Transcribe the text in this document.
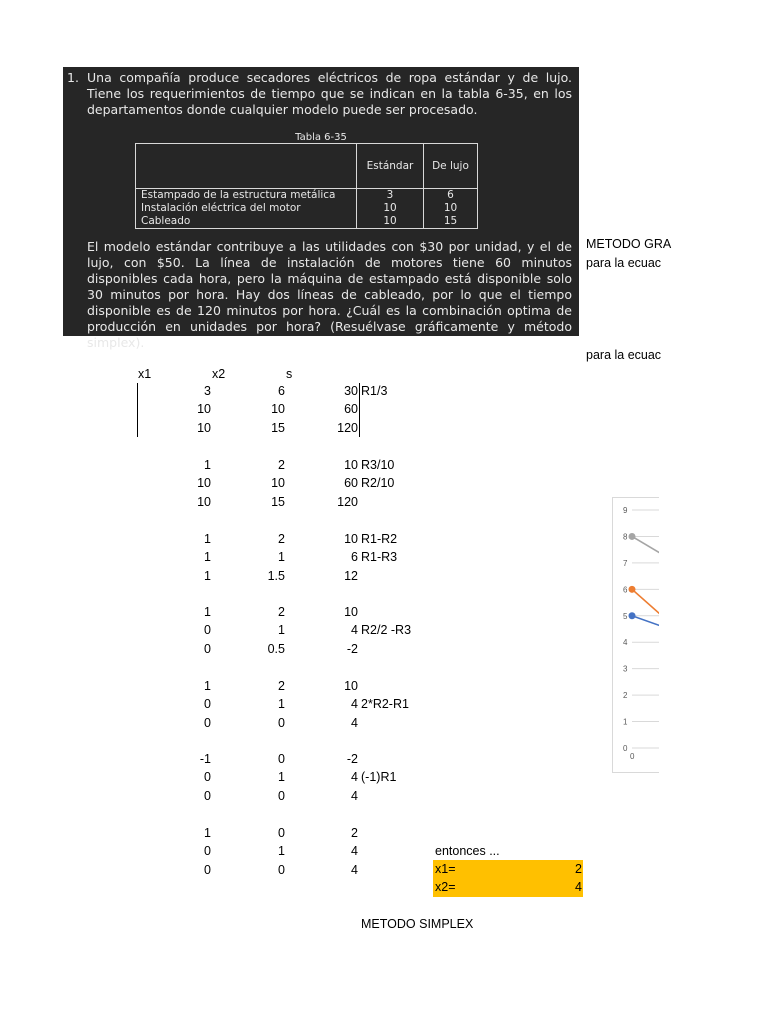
1. Una compañía produce secadores eléctricos de ropa estándar y de lujo. Tiene los requerimientos de tiempo que se indican en la tabla 6-35, en los departamentos donde cualquier modelo puede ser procesado.
Tabla 6-35
	Estándar	De lujo
Estampado de la estructura metálica	3	6
Instalación eléctrica del motor	10	10
Cableado	10	15
El modelo estándar contribuye a las utilidades con $30 por unidad, y el de lujo, con $50. La línea de instalación de motores tiene 60 minutos disponibles cada hora, pero la máquina de estampado está disponible solo 30 minutos por hora. Hay dos líneas de cableado, por lo que el tiempo disponible es de 120 minutos por hora. ¿Cuál es la combinación optima de producción en unidades por hora? (Resuélvase gráficamente y método simplex).
METODO GRA
para la ecuac
para la ecuac
x1	x2	s
3	6	30 R1/3
10	10	60
10	15	120
1	2	10 R3/10
10	10	60 R2/10
10	15	120
1	2	10 R1-R2
1	1	6 R1-R3
1	1.5	12
1	2	10
0	1	4 R2/2 -R3
0	0.5	-2
1	2	10
0	1	4 2*R2-R1
0	0	4
-1	0	-2
0	1	4 (-1)R1
0	0	4
1	0	2
0	1	4
0	0	4
entonces ...
x1=	2
x2=	4
METODO SIMPLEX
0
1
2
3
4
5
6
7
8
9
0
